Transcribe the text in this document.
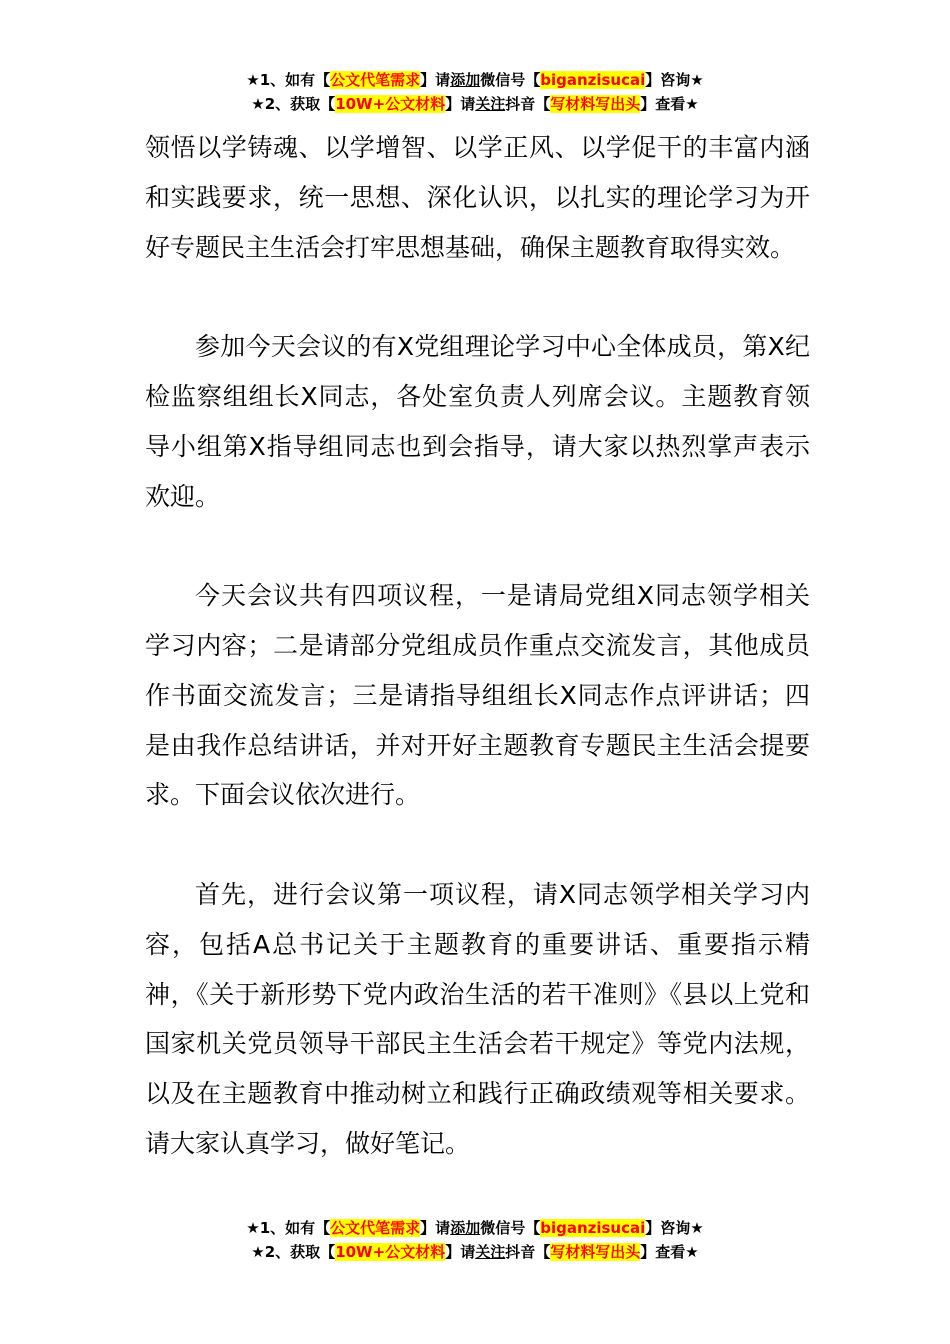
★1、如有【公文代笔需求】请添加微信号【biganzisucai】咨询★
★2、获取【10W+公文材料】请关注抖音【写材料写出头】查看★

领悟以学铸魂、以学增智、以学正风、以学促干的丰富内涵和实践要求，统一思想、深化认识，以扎实的理论学习为开好专题民主生活会打牢思想基础，确保主题教育取得实效。

参加今天会议的有X党组理论学习中心全体成员，第X纪检监察组组长X同志，各处室负责人列席会议。主题教育领导小组第X指导组同志也到会指导，请大家以热烈掌声表示欢迎。

今天会议共有四项议程，一是请局党组X同志领学相关学习内容；二是请部分党组成员作重点交流发言，其他成员作书面交流发言；三是请指导组组长X同志作点评讲话；四是由我作总结讲话，并对开好主题教育专题民主生活会提要求。下面会议依次进行。

首先，进行会议第一项议程，请X同志领学相关学习内容，包括A总书记关于主题教育的重要讲话、重要指示精神，《关于新形势下党内政治生活的若干准则》《县以上党和国家机关党员领导干部民主生活会若干规定》等党内法规，以及在主题教育中推动树立和践行正确政绩观等相关要求。请大家认真学习，做好笔记。

★1、如有【公文代笔需求】请添加微信号【biganzisucai】咨询★
★2、获取【10W+公文材料】请关注抖音【写材料写出头】查看★
